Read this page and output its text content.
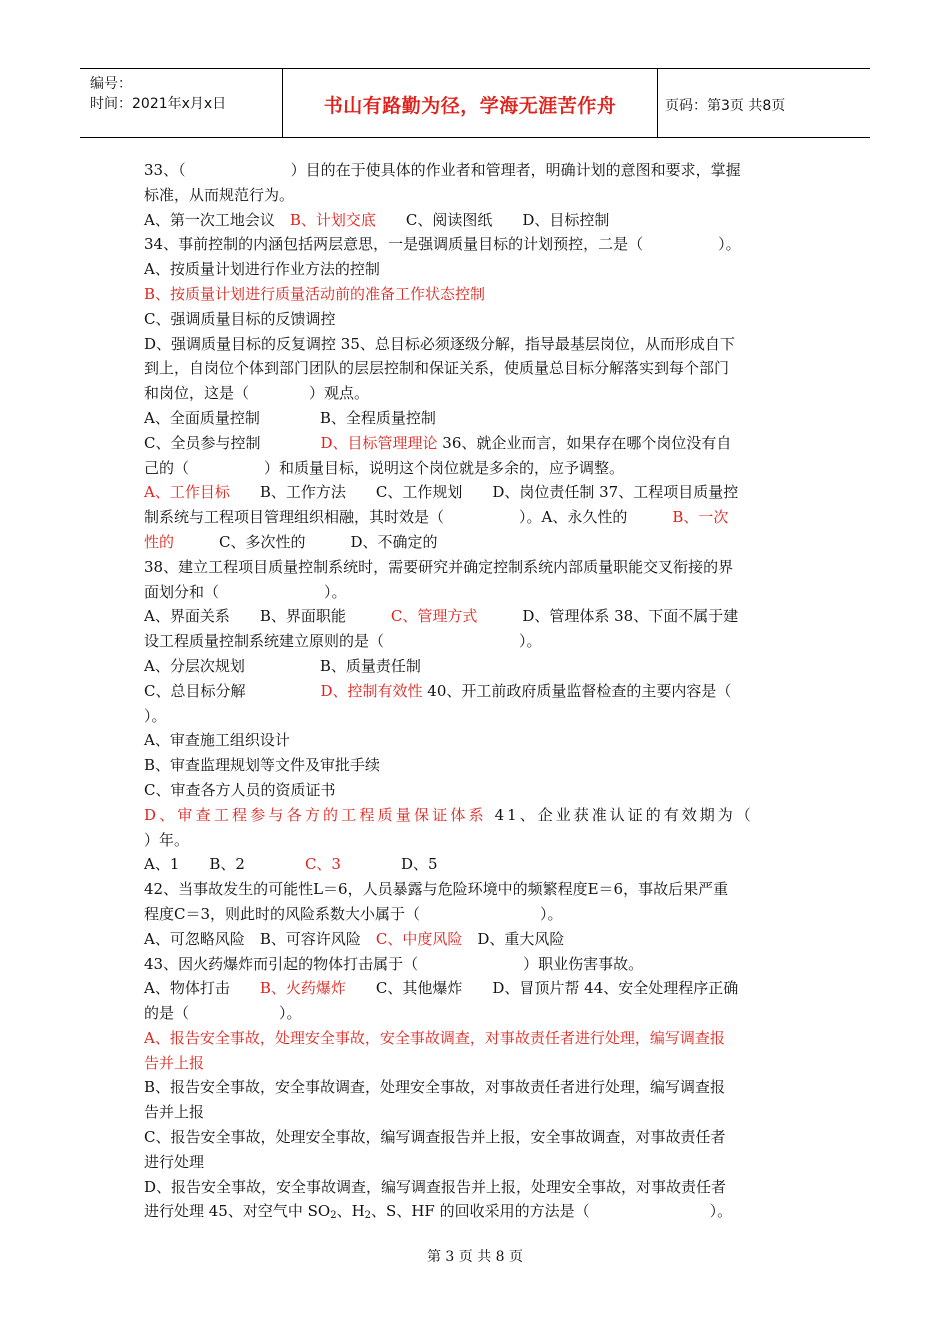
编号：
时间：2021年x月x日	书山有路勤为径，学海无涯苦作舟	页码：第3页 共8页
33、（　　　　　　　）目的在于使具体的作业者和管理者，明确计划的意图和要求，掌握
标准，从而规范行为。
A、第一次工地会议　B、计划交底　　C、阅读图纸　　D、目标控制
34、事前控制的内涵包括两层意思，一是强调质量目标的计划预控，二是（　　　　　）。
A、按质量计划进行作业方法的控制
B、按质量计划进行质量活动前的准备工作状态控制
C、强调质量目标的反馈调控
D、强调质量目标的反复调控 35、总目标必须逐级分解，指导最基层岗位，从而形成自下
到上，自岗位个体到部门团队的层层控制和保证关系，使质量总目标分解落实到每个部门
和岗位，这是（　　　　）观点。
A、全面质量控制　　　　B、全程质量控制
C、全员参与控制　　　　D、目标管理理论 36、就企业而言，如果存在哪个岗位没有自
己的（　　　　　）和质量目标，说明这个岗位就是多余的，应予调整。
A、工作目标　　B、工作方法　　C、工作规划　　D、岗位责任制 37、工程项目质量控
制系统与工程项目管理组织相融，其时效是（　　　　　）。A、永久性的　　　B、一次
性的　　　C、多次性的　　　D、不确定的
38、建立工程项目质量控制系统时，需要研究并确定控制系统内部质量职能交叉衔接的界
面划分和（　　　　　　　）。
A、界面关系　　B、界面职能　　　C、管理方式　　　D、管理体系 38、下面不属于建
设工程质量控制系统建立原则的是（　　　　　　　　　）。
A、分层次规划　　　　　B、质量责任制
C、总目标分解　　　　　D、控制有效性 40、开工前政府质量监督检查的主要内容是（
）。
A、审查施工组织设计
B、审查监理规划等文件及审批手续
C、审查各方人员的资质证书
D、审查工程参与各方的工程质量保证体系 41、企业获准认证的有效期为（
）年。
A、1　　B、2　　　　C、3　　　　D、5
42、当事故发生的可能性L＝6，人员暴露与危险环境中的频繁程度E＝6，事故后果严重
程度C＝3，则此时的风险系数大小属于（　　　　　　　　）。
A、可忽略风险　B、可容许风险　C、中度风险　D、重大风险
43、因火药爆炸而引起的物体打击属于（　　　　　　　）职业伤害事故。
A、物体打击　　B、火药爆炸　　C、其他爆炸　　D、冒顶片帮 44、安全处理程序正确
的是（　　　　　　）。
A、报告安全事故，处理安全事故，安全事故调查，对事故责任者进行处理，编写调查报
告并上报
B、报告安全事故，安全事故调查，处理安全事故，对事故责任者进行处理，编写调查报
告并上报
C、报告安全事故，处理安全事故，编写调查报告并上报，安全事故调查，对事故责任者
进行处理
D、报告安全事故，安全事故调查，编写调查报告并上报，处理安全事故，对事故责任者
进行处理 45、对空气中 $SO_2$、$H_2$、S、HF 的回收采用的方法是（　　　　　　　　）。
第 3 页 共 8 页
